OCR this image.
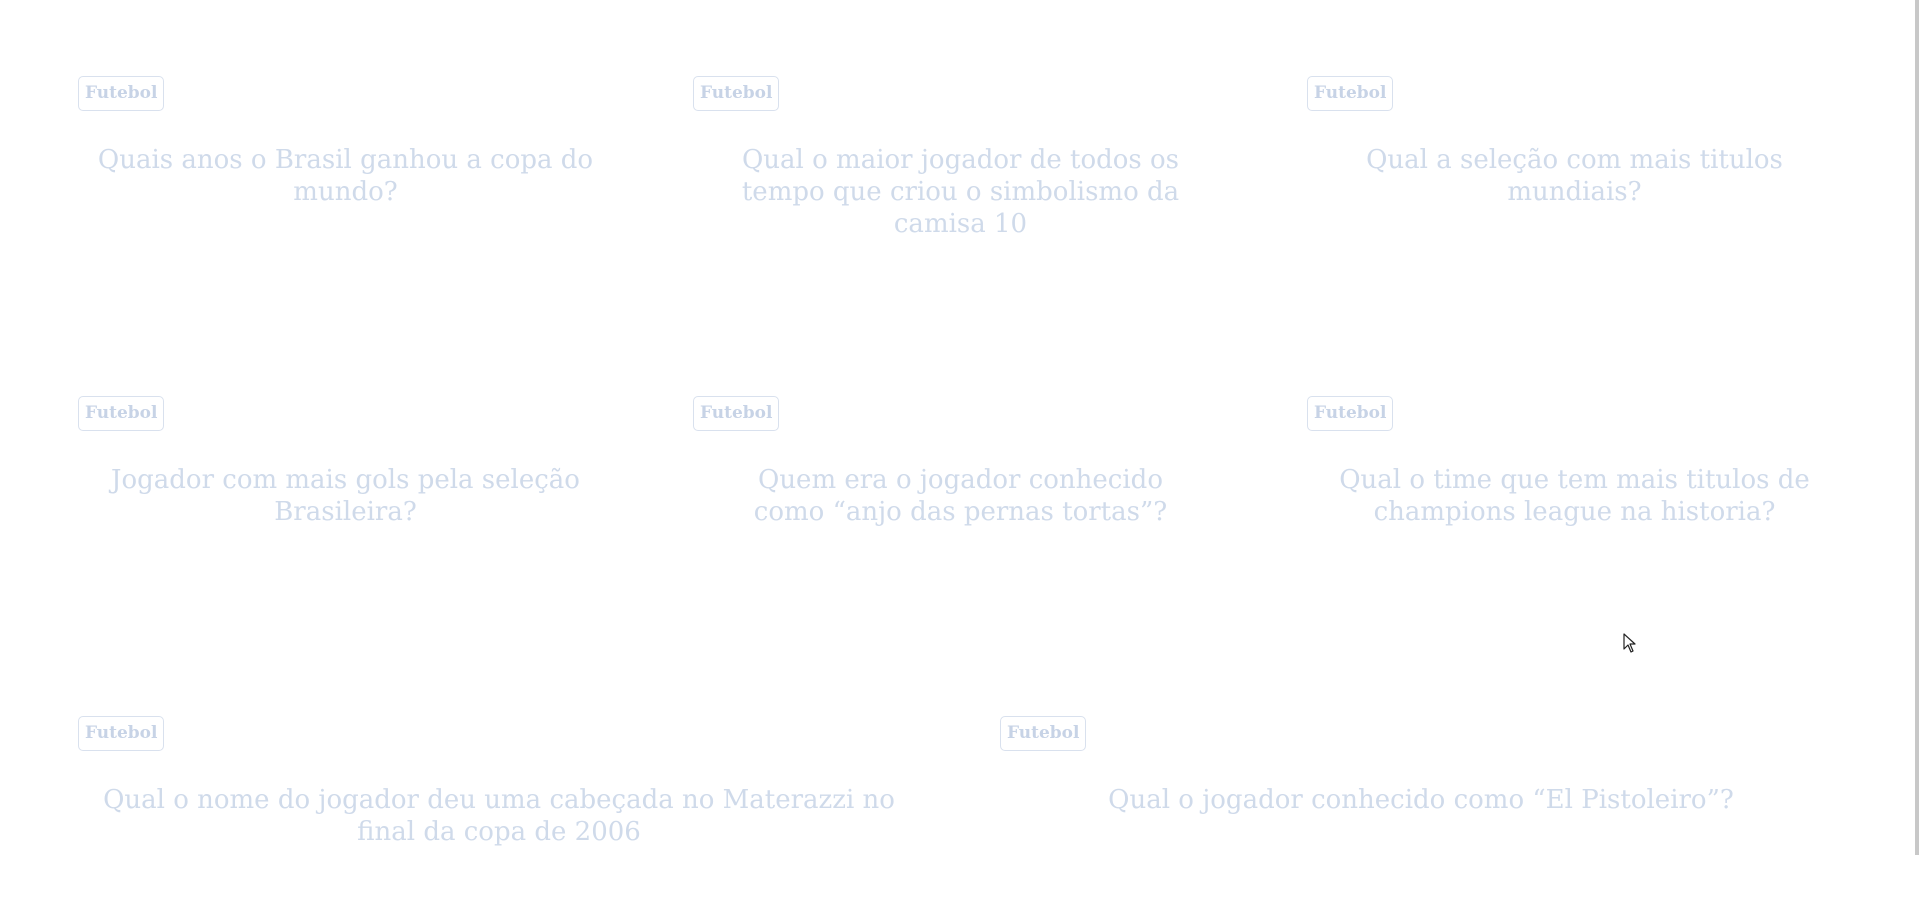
Futebol
Quais anos o Brasil ganhou a copa do mundo?
Futebol
Qual o maior jogador de todos os tempo que criou o simbolismo da camisa 10
Futebol
Qual a seleção com mais titulos mundiais?
Futebol
Jogador com mais gols pela seleção Brasileira?
Futebol
Quem era o jogador conhecido como “anjo das pernas tortas”?
Futebol
Qual o time que tem mais titulos de champions league na historia?
Futebol
Qual o nome do jogador deu uma cabeçada no Materazzi no final da copa de 2006
Futebol
Qual o jogador conhecido como “El Pistoleiro”?
